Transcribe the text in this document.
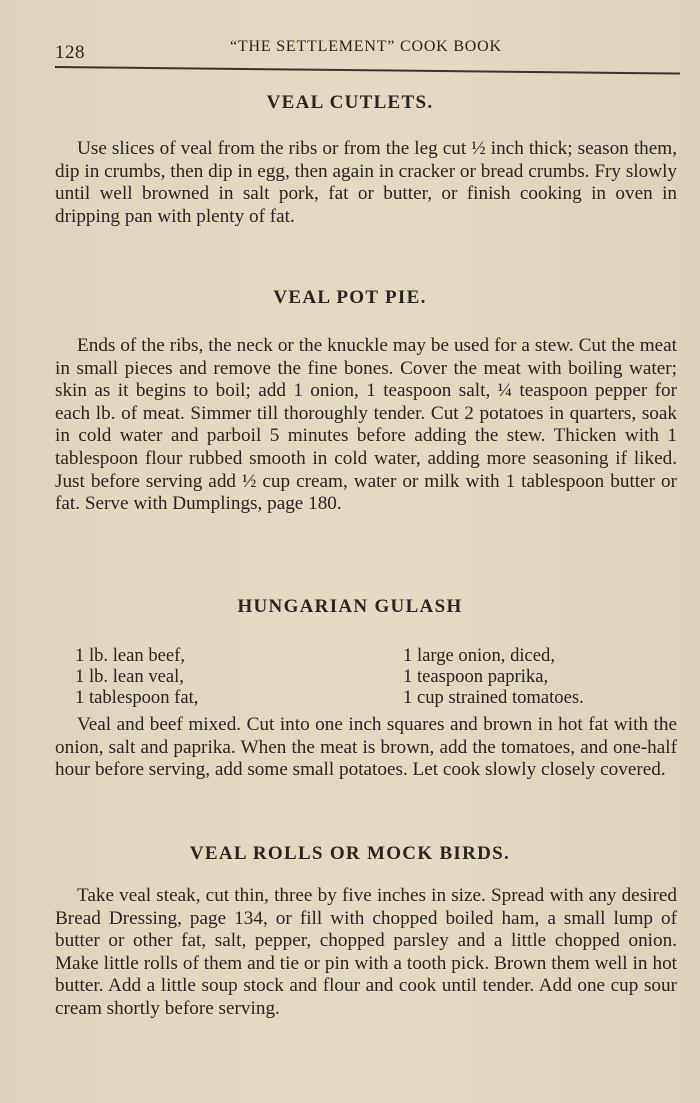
128	“THE SETTLEMENT” COOK BOOK
VEAL CUTLETS.

Use slices of veal from the ribs or from the leg cut ½ inch thick; season them, dip in crumbs, then dip in egg, then again in cracker or bread crumbs. Fry slowly until well browned in salt pork, fat or butter, or finish cooking in oven in dripping pan with plenty of fat.

VEAL POT PIE.

Ends of the ribs, the neck or the knuckle may be used for a stew. Cut the meat in small pieces and remove the fine bones. Cover the meat with boiling water; skin as it begins to boil; add 1 onion, 1 teaspoon salt, ¼ teaspoon pepper for each lb. of meat. Simmer till thoroughly tender. Cut 2 potatoes in quarters, soak in cold water and parboil 5 minutes before adding the stew. Thicken with 1 tablespoon flour rubbed smooth in cold water, adding more seasoning if liked. Just before serving add ½ cup cream, water or milk with 1 tablespoon butter or fat. Serve with Dumplings, page 180.

HUNGARIAN GULASH
1 lb. lean beef,	1 large onion, diced,
1 lb. lean veal,	1 teaspoon paprika,
1 tablespoon fat,	1 cup strained tomatoes.

Veal and beef mixed. Cut into one inch squares and brown in hot fat with the onion, salt and paprika. When the meat is brown, add the tomatoes, and one-half hour before serving, add some small potatoes. Let cook slowly closely covered.

VEAL ROLLS OR MOCK BIRDS.

Take veal steak, cut thin, three by five inches in size. Spread with any desired Bread Dressing, page 134, or fill with chopped boiled ham, a small lump of butter or other fat, salt, pepper, chopped parsley and a little chopped onion. Make little rolls of them and tie or pin with a tooth pick. Brown them well in hot butter. Add a little soup stock and flour and cook until tender. Add one cup sour cream shortly before serving.
